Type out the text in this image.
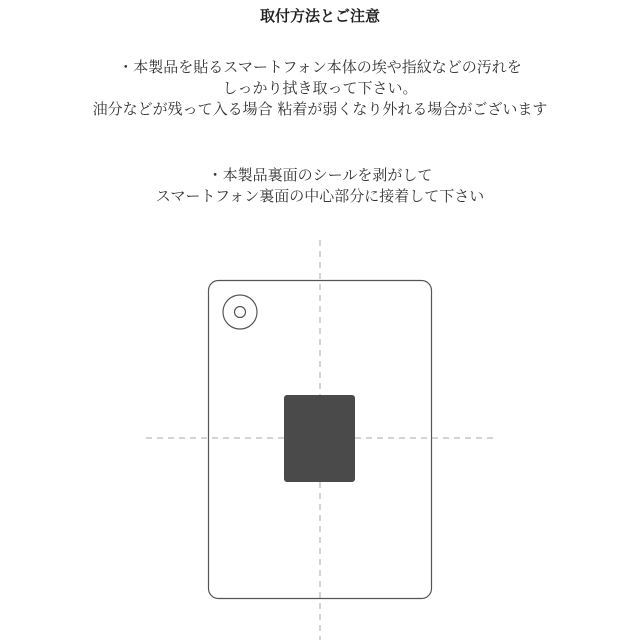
取付方法とご注意
・本製品を貼るスマートフォン本体の埃や指紋などの汚れを
しっかり拭き取って下さい。
油分などが残って入る場合 粘着が弱くなり外れる場合がございます
・本製品裏面のシールを剥がして
スマートフォン裏面の中心部分に接着して下さい
